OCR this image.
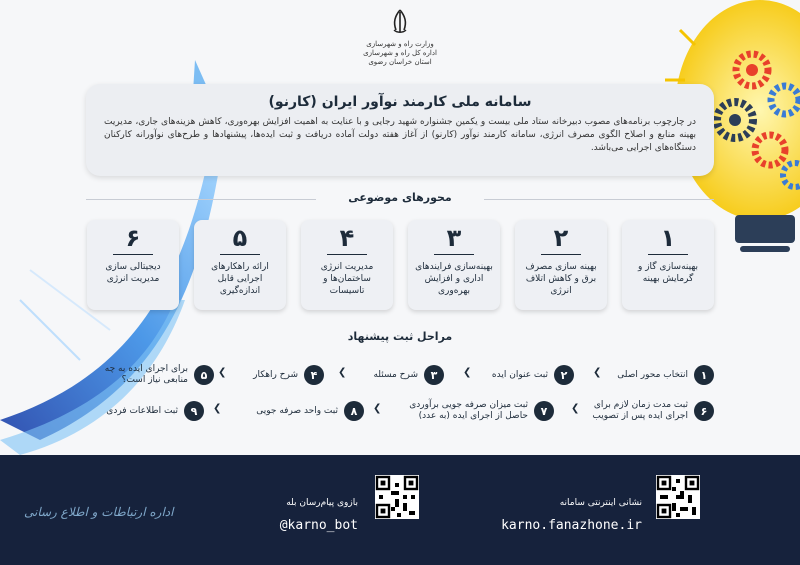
وزارت راه و شهرسازی
اداره کل راه و شهرسازی
استان خراسان رضوی
سامانه ملی کارمند نوآور ایران (کارنو)

در چارچوب برنامه‌های مصوب دبیرخانه ستاد ملی بیست و یکمین جشنواره شهید رجایی و با عنایت به اهمیت افزایش بهره‌وری، کاهش هزینه‌های جاری، مدیریت بهینه منابع و اصلاح الگوی مصرف انرژی، سامانه کارمند نوآور (کارنو) از آغاز هفته دولت آماده دریافت و ثبت ایده‌ها، پیشنهادها و طرح‌های نوآورانه کارکنان دستگاه‌های اجرایی می‌باشد.

محورهای موضوعی
۱
بهینه‌سازی گاز و گرمایش بهینه
۲
بهینه سازی مصرف برق و کاهش اتلاف انرژی
۳
بهینه‌سازی فرایندهای اداری و افزایش بهره‌وری
۴
مدیریت انرژی ساختمان‌ها و تاسیسات
۵
ارائه راهکارهای اجرایی قابل اندازه‌گیری
۶
دیجیتالی سازی مدیریت انرژی
مراحل ثبت پیشنهاد
۱
انتخاب محور اصلی
❮
۲
ثبت عنوان ایده
❮
۳
شرح مسئله
❮
۴
شرح راهکار
❮
۵
برای اجرای ایده به چه منابعی نیاز است؟
۶
ثبت مدت زمان لازم برای اجرای ایده پس از تصویب
❮
۷
ثبت میزان صرفه جویی برآوردی حاصل از اجرای ایده (به عدد)
❮
۸
ثبت واحد صرفه جویی
❮
۹
ثبت اطلاعات فردی
نشانی اینترنتی سامانه
karno.fanazhone.ir
بازوی پیام‌رسان بله
@karno_bot
اداره ارتباطات و اطلاع رسانی
